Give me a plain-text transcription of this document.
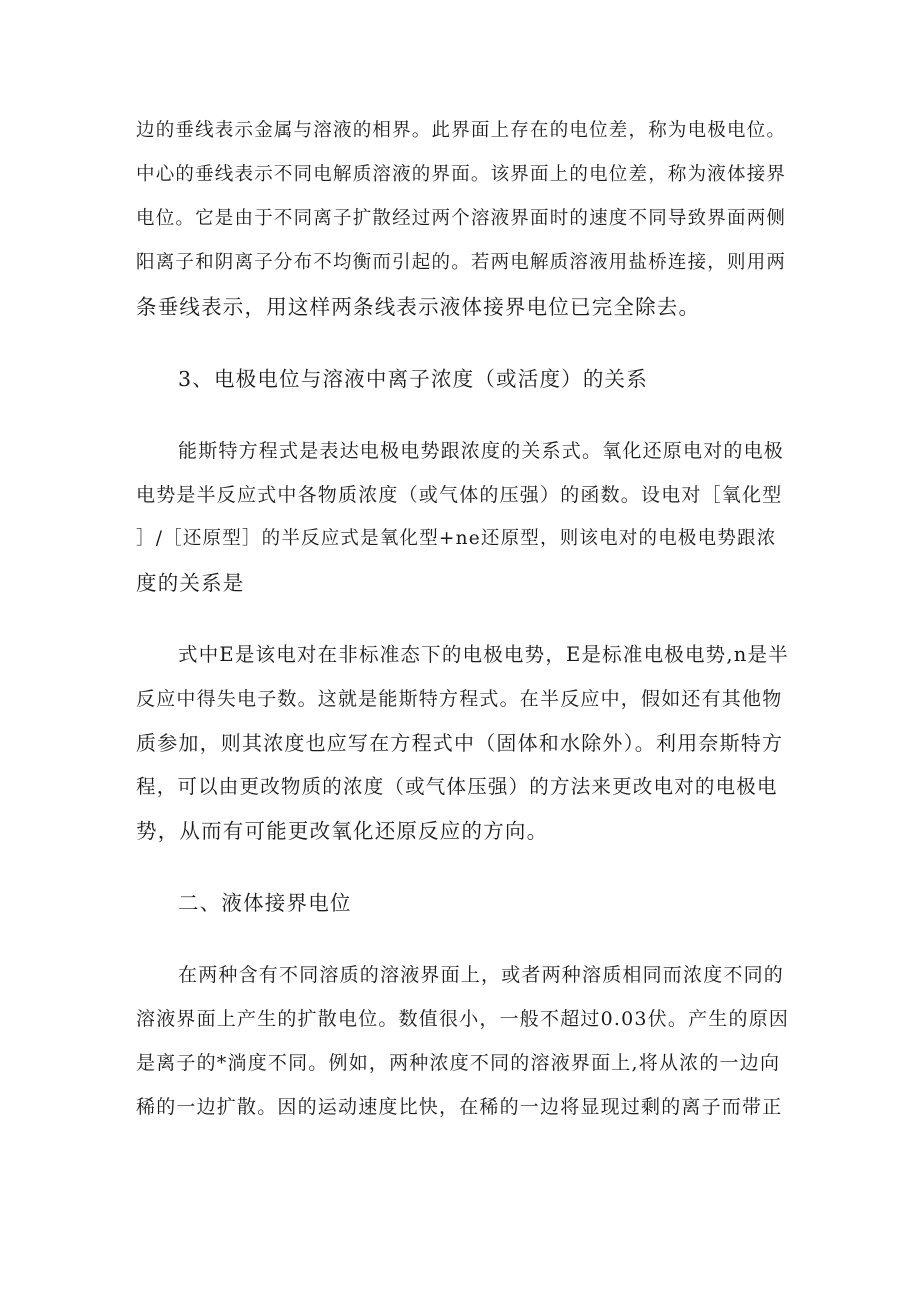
边的垂线表示金属与溶液的相界。此界面上存在的电位差，称为电极电位。
中心的垂线表示不同电解质溶液的界面。该界面上的电位差，称为液体接界
电位。它是由于不同离子扩散经过两个溶液界面时的速度不同导致界面两侧
阳离子和阴离子分布不均衡而引起的。若两电解质溶液用盐桥连接，则用两
条垂线表示，用这样两条线表示液体接界电位已完全除去。
3、电极电位与溶液中离子浓度（或活度）的关系
能斯特方程式是表达电极电势跟浓度的关系式。氧化还原电对的电极
电势是半反应式中各物质浓度（或气体的压强）的函数。设电对［氧化型
］/［还原型］的半反应式是氧化型+ne还原型，则该电对的电极电势跟浓
度的关系是
式中E是该电对在非标准态下的电极电势，E是标准电极电势,n是半
反应中得失电子数。这就是能斯特方程式。在半反应中，假如还有其他物
质参加，则其浓度也应写在方程式中（固体和水除外）。利用奈斯特方
程，可以由更改物质的浓度（或气体压强）的方法来更改电对的电极电
势，从而有可能更改氧化还原反应的方向。
二、液体接界电位
在两种含有不同溶质的溶液界面上，或者两种溶质相同而浓度不同的
溶液界面上产生的扩散电位。数值很小，一般不超过0.03伏。产生的原因
是离子的*淌度不同。例如，两种浓度不同的溶液界面上,将从浓的一边向
稀的一边扩散。因的运动速度比快，在稀的一边将显现过剩的离子而带正
